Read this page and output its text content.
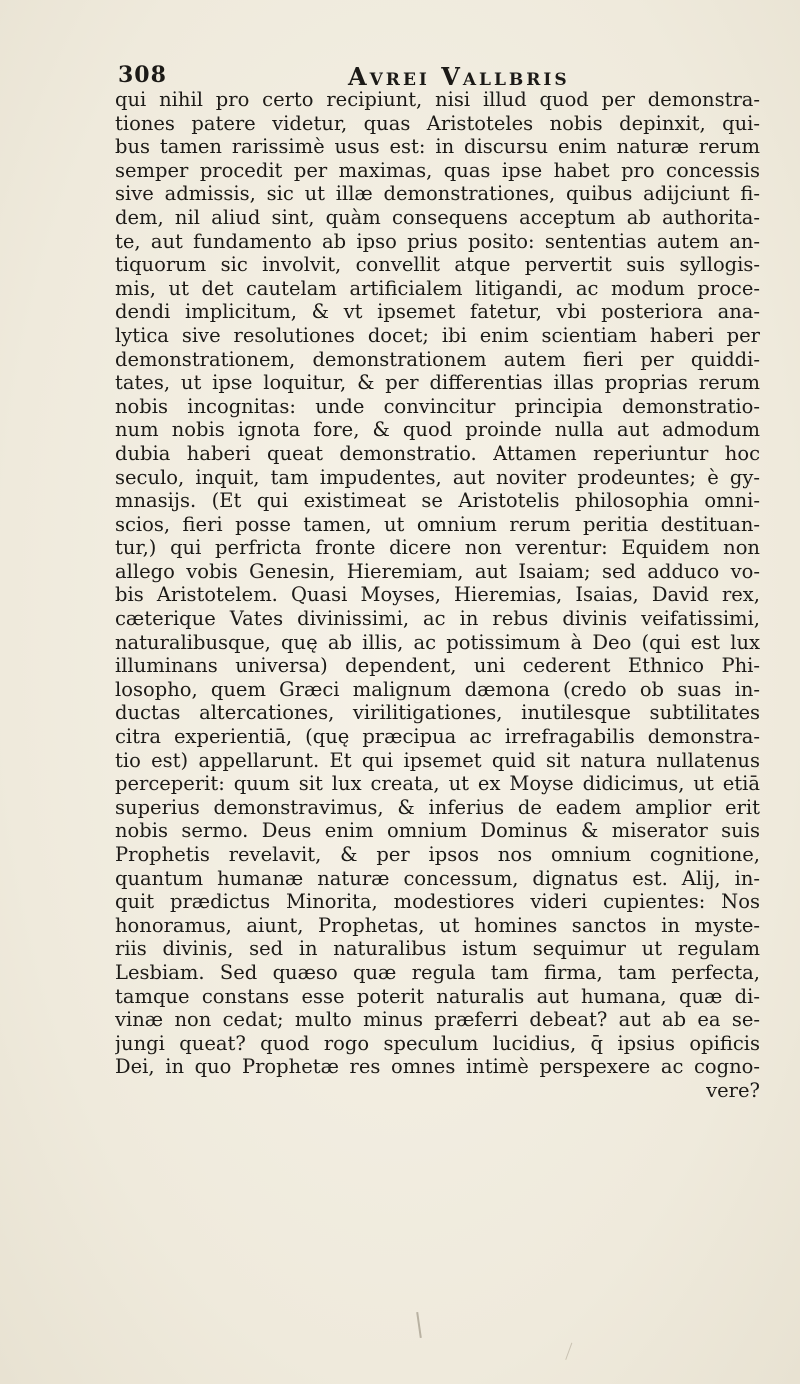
308	Avrei Vallbris
qui nihil pro certo recipiunt, nisi illud quod per demonstra-
tiones patere videtur, quas Aristoteles nobis depinxit, qui-
bus tamen rarissimè usus est: in discursu enim naturæ rerum
semper procedit per maximas, quas ipse habet pro concessis
sive admissis, sic ut illæ demonstrationes, quibus adijciunt fi-
dem, nil aliud sint, quàm consequens acceptum ab authorita-
te, aut fundamento ab ipso prius posito: sententias autem an-
tiquorum sic involvit, convellit atque pervertit suis syllogis-
mis, ut det cautelam artificialem litigandi, ac modum proce-
dendi implicitum, & vt ipsemet fatetur, vbi posteriora ana-
lytica sive resolutiones docet; ibi enim scientiam haberi per
demonstrationem, demonstrationem autem fieri per quiddi-
tates, ut ipse loquitur, & per differentias illas proprias rerum
nobis incognitas: unde convincitur principia demonstratio-
num nobis ignota fore, & quod proinde nulla aut admodum
dubia haberi queat demonstratio. Attamen reperiuntur hoc
seculo, inquit, tam impudentes, aut noviter prodeuntes; è gy-
mnasijs. (Et qui existimeat se Aristotelis philosophia omni-
scios, fieri posse tamen, ut omnium rerum peritia destituan-
tur,) qui perfricta fronte dicere non verentur: Equidem non
allego vobis Genesin, Hieremiam, aut Isaiam; sed adduco vo-
bis Aristotelem. Quasi Moyses, Hieremias, Isaias, David rex,
cæterique Vates divinissimi, ac in rebus divinis veifatissimi,
naturalibusque, quę ab illis, ac potissimum à Deo (qui est lux
illuminans universa) dependent, uni cederent Ethnico Phi-
losopho, quem Græci malignum dæmona (credo ob suas in-
ductas altercationes, virilitigationes, inutilesque subtilitates
citra experientiā, (quę præcipua ac irrefragabilis demonstra-
tio est) appellarunt. Et qui ipsemet quid sit natura nullatenus
perceperit: quum sit lux creata, ut ex Moyse didicimus, ut etiā
superius demonstravimus, & inferius de eadem amplior erit
nobis sermo. Deus enim omnium Dominus & miserator suis
Prophetis revelavit, & per ipsos nos omnium cognitione,
quantum humanæ naturæ concessum, dignatus est. Alij, in-
quit prædictus Minorita, modestiores videri cupientes: Nos
honoramus, aiunt, Prophetas, ut homines sanctos in myste-
riis divinis, sed in naturalibus istum sequimur ut regulam
Lesbiam. Sed quæso quæ regula tam firma, tam perfecta,
tamque constans esse poterit naturalis aut humana, quæ di-
vinæ non cedat; multo minus præferri debeat? aut ab ea se-
jungi queat? quod rogo speculum lucidius, q̄ ipsius opificis
Dei, in quo Prophetæ res omnes intimè perspexere ac cogno-
vere?
